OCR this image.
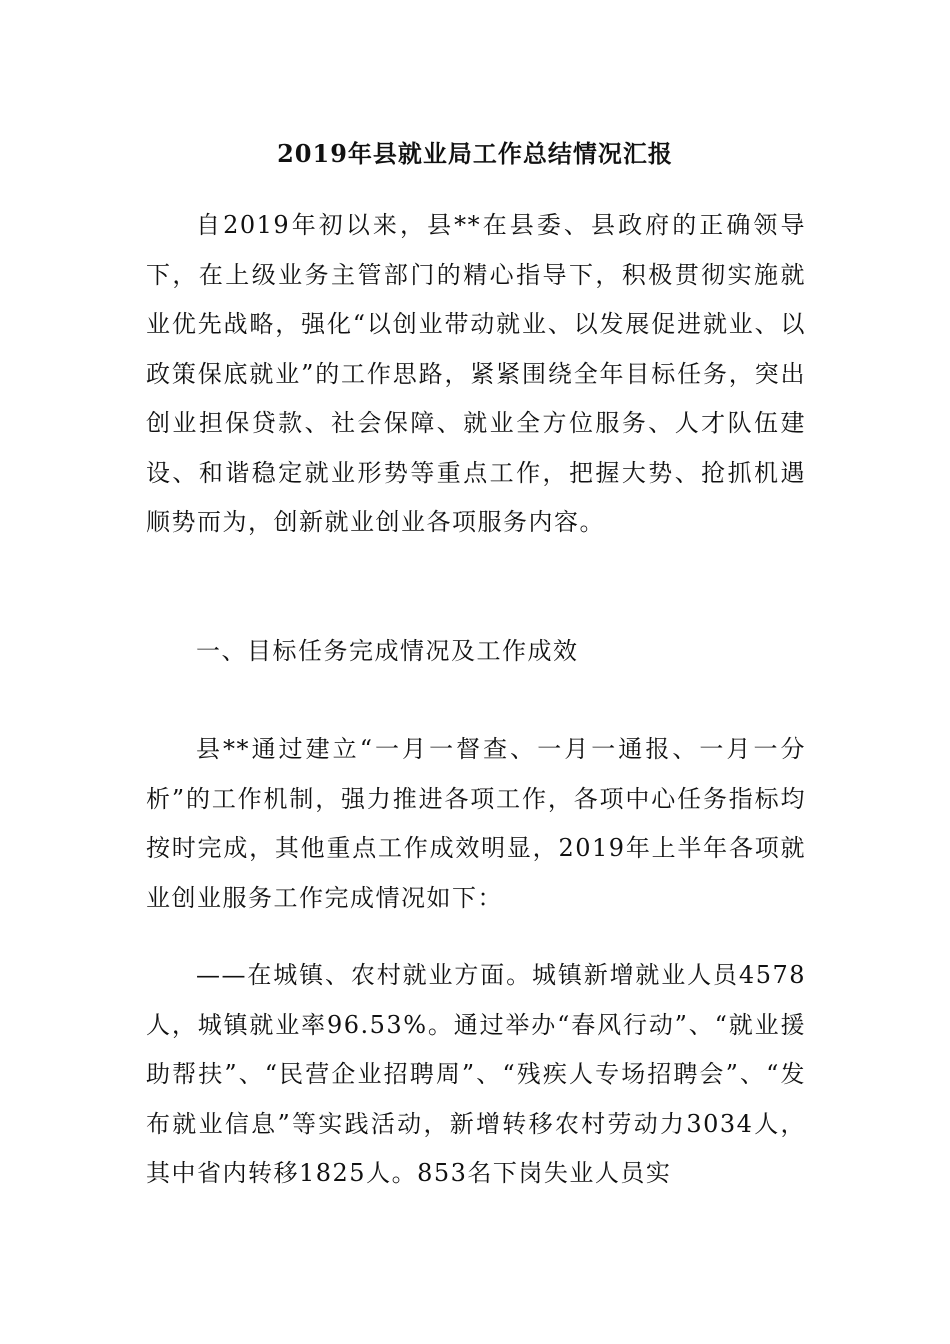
2019年县就业局工作总结情况汇报

自2019年初以来，县**在县委、县政府的正确领导下，在上级业务主管部门的精心指导下，积极贯彻实施就业优先战略，强化“以创业带动就业、以发展促进就业、以政策保底就业”的工作思路，紧紧围绕全年目标任务，突出创业担保贷款、社会保障、就业全方位服务、人才队伍建设、和谐稳定就业形势等重点工作，把握大势、抢抓机遇顺势而为，创新就业创业各项服务内容。

一、目标任务完成情况及工作成效

县**通过建立“一月一督查、一月一通报、一月一分析”的工作机制，强力推进各项工作，各项中心任务指标均按时完成，其他重点工作成效明显，2019年上半年各项就业创业服务工作完成情况如下：

——在城镇、农村就业方面。城镇新增就业人员4578人，城镇就业率96.53%。通过举办“春风行动”、“就业援助帮扶”、“民营企业招聘周”、“残疾人专场招聘会”、“发布就业信息”等实践活动，新增转移农村劳动力3034人，其中省内转移1825人。853名下岗失业人员实
